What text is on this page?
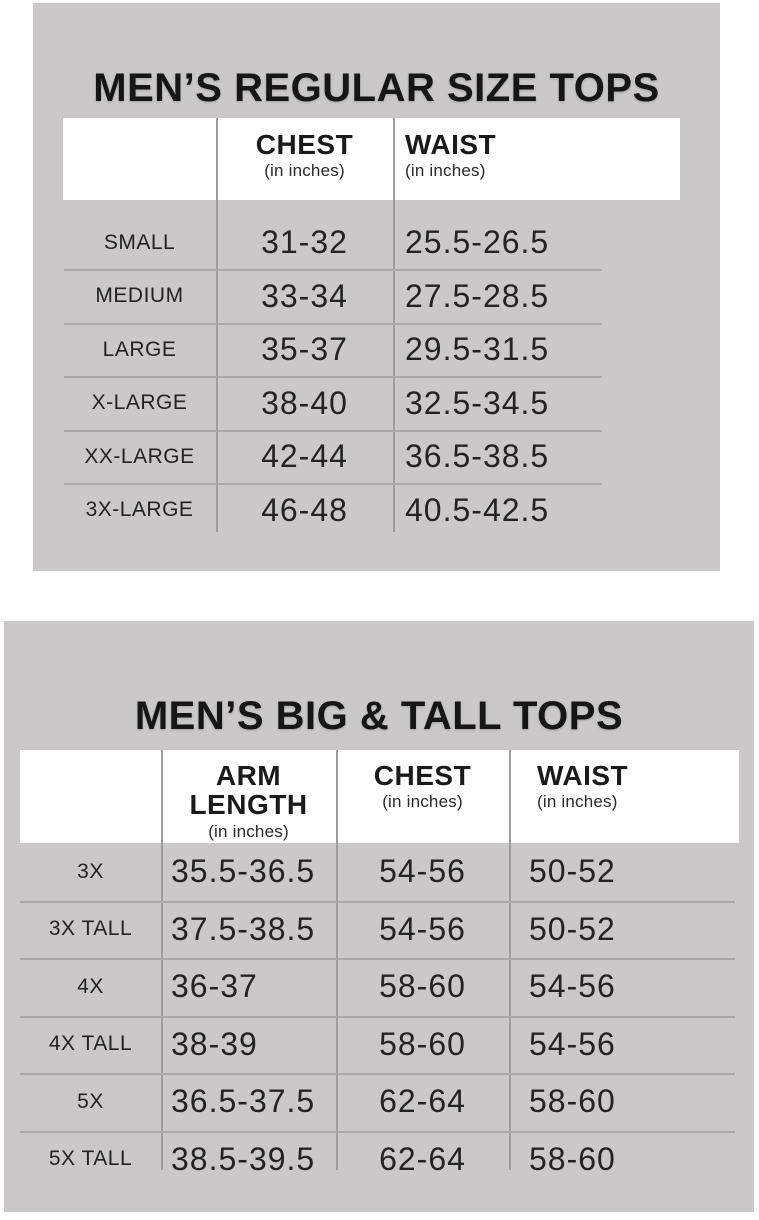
MEN’S REGULAR SIZE TOPS
CHEST
(in inches)
WAIST
(in inches)
SMALL	31-32	25.5-26.5
MEDIUM	33-34	27.5-28.5
LARGE	35-37	29.5-31.5
X-LARGE	38-40	32.5-34.5
XX-LARGE	42-44	36.5-38.5
3X-LARGE	46-48	40.5-42.5
MEN’S BIG & TALL TOPS
ARM LENGTH
(in inches)
CHEST
(in inches)
WAIST
(in inches)
3X	35.5-36.5	54-56	50-52
3X TALL	37.5-38.5	54-56	50-52
4X	36-37	58-60	54-56
4X TALL	38-39	58-60	54-56
5X	36.5-37.5	62-64	58-60
5X TALL	38.5-39.5	62-64	58-60
